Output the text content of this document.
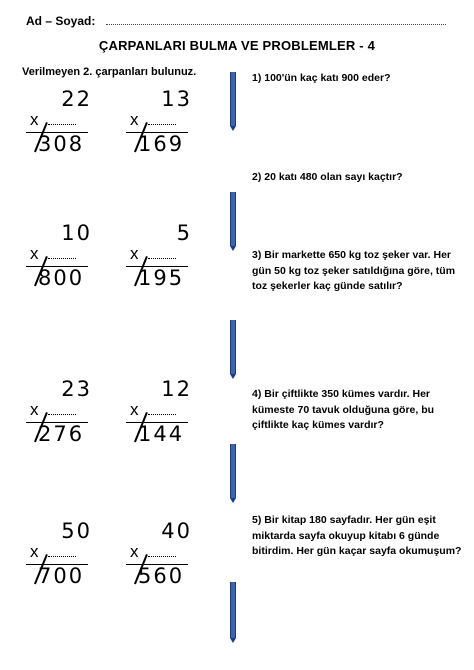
Ad – Soyad:
ÇARPANLARI BULMA VE PROBLEMLER - 4
Verilmeyen 2. çarpanları bulunuz.
22
x
308
13
x
169
10
x
800
5
x
195
23
x
276
12
x
144
50
x
700
40
x
560
1) 100'ün kaç katı 900 eder?
2) 20 katı 480 olan sayı kaçtır?
3) Bir markette 650 kg toz şeker var. Her gün 50 kg toz şeker satıldığına göre, tüm toz şekerler kaç günde satılır?
4) Bir çiftlikte 350 kümes vardır. Her kümeste 70 tavuk olduğuna göre, bu çiftlikte kaç kümes vardır?
5) Bir kitap 180 sayfadır. Her gün eşit miktarda sayfa okuyup kitabı 6 günde bitirdim. Her gün kaçar sayfa okumuşum?
